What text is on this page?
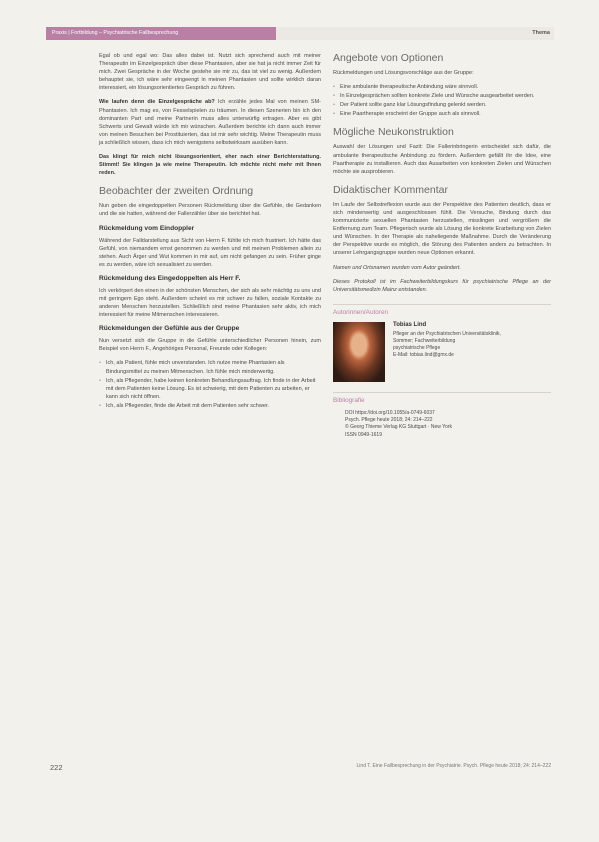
Praxis | Fortbildung – Psychiatrische Fallbesprechung	Thema

Egal ob und egal wo: Das alles dabei ist. Nutzt sich sprechend auch mit meiner Therapeutin im Einzelgespräch über diese Phantasien, aber sie hat ja nicht immer Zeit für mich. Zwei Gespräche in der Woche gestehe sie mir zu, das ist viel zu wenig. Außerdem behauptet sie, ich wäre sehr eingeengt in meinen Phantasien und sollte wirklich daran interessiert, ein lösungsorientiertes Gespräch zu führen.

Wie laufen denn die Einzelgespräche ab? Ich erzähle jedes Mal von meinen SM-Phantasien. Ich mag es, von Fesselspielen zu träumen. In diesen Szenerien bin ich den dominanten Part und meine Partnerin muss alles unterwürfig ertragen. Aber es gibt Schwerts und Gewalt würde ich mir wünschen. Außerdem berichte ich dann auch immer von meinen Besuchen bei Prostituierten, das ist mir sehr wichtig. Meine Therapeutin muss ja schließlich wissen, dass ich mich wenigstens selbstwirksam ausüben kann.

Das klingt für mich nicht lösungsorientiert, eher nach einer Berichterstattung. Stimmt! Sie klingen ja wie meine Therapeutin. Ich möchte nicht mehr mit Ihnen reden.

Beobachter der zweiten Ordnung

Nun geben die eingedoppelten Personen Rückmeldung über die Gefühle, die Gedanken und die sie hatten, während der Fallerzähler über sie berichtet hat.

Rückmeldung vom Eindoppler

Während der Falldarstellung aus Sicht von Herrn F. fühlte ich mich frustriert. Ich hätte das Gefühl, von niemandem ernst genommen zu werden und mit meinen Problemen allein zu stehen. Auch Ärger und Wut kommen in mir auf, um nicht gefangen zu sein. Früher ginge es zu werden, wäre ich sexualisiert zu werden.

Rückmeldung des Eingedoppelten als Herr F.

Ich verkörpert den einen in der schönsten Menschen, der sich als sehr mächtig zu uns und mit geringem Ego steht. Außerdem scheint es mir schwer zu fallen, soziale Kontakte zu anderen Menschen herzustellen. Schließlich sind meine Phantasien sehr aktiv, ich mich interessiert für meine Mitmenschen interessieren.

Rückmeldungen der Gefühle aus der Gruppe

Nun versetzt sich die Gruppe in die Gefühle unterschiedlicher Personen hinein, zum Beispiel von Herrn F., Angehöriges Personal, Freunde oder Kollegen:

• Ich, als Patient, fühle mich unverstanden. Ich nutze meine Phantasien als Bindungsmittel zu meinen Mitmenschen. Ich fühle mich minderwertig.
• Ich, als Pflegender, habe keinen konkreten Behandlungsauftrag. Ich finde in der Arbeit mit dem Patienten keine Lösung. Es ist schwierig, mit dem Patienten zu arbeiten, er kann sich nicht öffnen.
• Ich, als Pflegender, finde die Arbeit mit dem Patienten sehr schwer.
Angebote von Optionen

Rückmeldungen und Lösungsvorschläge aus der Gruppe:

• Eine ambulante therapeutische Anbindung wäre sinnvoll.
• In Einzelgesprächen sollten konkrete Ziele und Wünsche ausgearbeitet werden.
• Der Patient sollte ganz klar Lösungsfindung gelenkt werden.
• Eine Paartherapie erscheint der Gruppe auch als sinnvoll.
Mögliche Neukonstruktion

Auswahl der Lösungen und Fazit: Die Fallerinbringerin entscheidet sich dafür, die ambulante therapeutische Anbindung zu fördern. Außerdem gefällt ihr die Idee, eine Paartherapie zu installieren. Auch das Ausarbeiten von konkreten Zielen und Wünschen möchte sie ausprobieren.

Didaktischer Kommentar

Im Laufe der Selbstreflexion wurde aus der Perspektive des Patienten deutlich, dass er sich minderwertig und ausgeschlossen fühlt. Die Versuche, Bindung durch das kommunizierte sexuellen Phantasien herzustellen, misslingen und vergrößern die Entfernung zum Team. Pflegerisch wurde als Lösung die konkrete Erarbeitung von Zielen und Wünschen. In der Therapie als naheliegende Maßnahme. Durch die Veränderung der Perspektive wurde es möglich, die Störung des Patienten anders zu betrachten. In unserer Lehrgangsgruppe wurden neue Optionen erkannt.

Namen und Ortsnamen wurden vom Autor geändert.

Dieses Protokoll ist im Fachweiterbildungskurs für psychiatrische Pflege an der Universitätsmedizin Mainz entstanden.

Autorinnen/Autoren
Tobias Lind

Pfleger an der Psychiatrischen Universitätsklinik,

Sommer; Fachweiterbildung

psychiatrische Pflege

E-Mail: tobias.lind@gmx.de

Bibliografie

DOI https://doi.org/10.1055/a-0749-6037

Psych. Pflege heute 2018; 24: 214–222

© Georg Thieme Verlag KG Stuttgart · New York

ISSN 0949-1619

222	Lind T. Eine Fallbesprechung in der Psychiatrie. Psych. Pflege heute 2018; 24: 214–222
